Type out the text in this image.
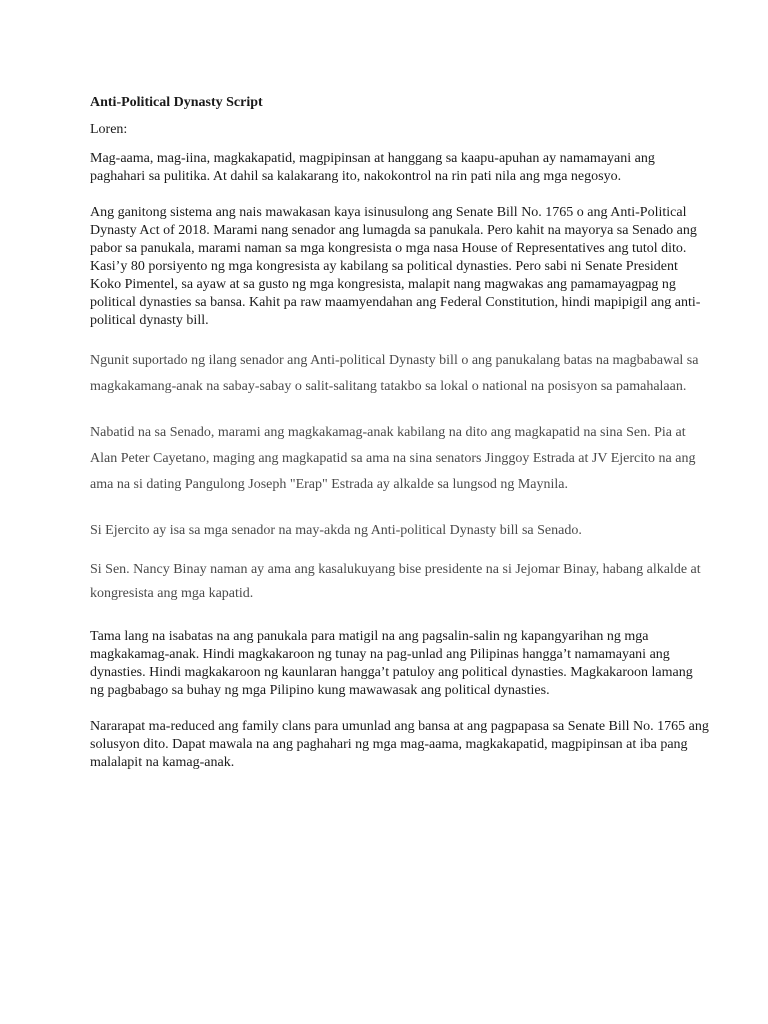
Anti-Political Dynasty Script

Loren:

Mag-aama, mag-iina, magkakapatid, magpipinsan at hanggang sa kaapu-apuhan ay namamayani ang paghahari sa pulitika. At dahil sa kalakarang ito, nakokontrol na rin pati nila ang mga negosyo.

Ang ganitong sistema ang nais mawakasan kaya isinusulong ang Senate Bill No. 1765 o ang Anti-Political Dynasty Act of 2018. Marami nang senador ang lumagda sa panukala. Pero kahit na mayorya sa Senado ang pabor sa panukala, marami naman sa mga kongresista o mga nasa House of Representatives ang tutol dito. Kasi’y 80 porsiyento ng mga kongresista ay kabilang sa political dynasties. Pero sabi ni Senate President Koko Pimentel, sa ayaw at sa gusto ng mga kongresista, malapit nang magwakas ang pamamayagpag ng political dynasties sa bansa. Kahit pa raw maamyendahan ang Federal Constitution, hindi mapipigil ang anti-political dynasty bill.

Ngunit suportado ng ilang senador ang Anti-political Dynasty bill o ang panukalang batas na magbabawal sa magkakamang-anak na sabay-sabay o salit-salitang tatakbo sa lokal o national na posisyon sa pamahalaan.

Nabatid na sa Senado, marami ang magkakamag-anak kabilang na dito ang magkapatid na sina Sen. Pia at Alan Peter Cayetano, maging ang magkapatid sa ama na sina senators Jinggoy Estrada at JV Ejercito na ang ama na si dating Pangulong Joseph "Erap" Estrada ay alkalde sa lungsod ng Maynila.

Si Ejercito ay isa sa mga senador na may-akda ng Anti-political Dynasty bill sa Senado.

Si Sen. Nancy Binay naman ay ama ang kasalukuyang bise presidente na si Jejomar Binay, habang alkalde at kongresista ang mga kapatid.

Tama lang na isabatas na ang panukala para matigil na ang pagsalin-salin ng kapangyarihan ng mga magkakamag-anak. Hindi magkakaroon ng tunay na pag-unlad ang Pilipinas hangga’t namamayani ang dynasties. Hindi magkakaroon ng kaunlaran hangga’t patuloy ang political dynasties. Magkakaroon lamang ng pagbabago sa buhay ng mga Pilipino kung mawawasak ang political dynasties.

Nararapat ma-reduced ang family clans para umunlad ang bansa at ang pagpapasa sa Senate Bill No. 1765 ang solusyon dito. Dapat mawala na ang paghahari ng mga mag-aama, magkakapatid, magpipinsan at iba pang malalapit na kamag-anak.
